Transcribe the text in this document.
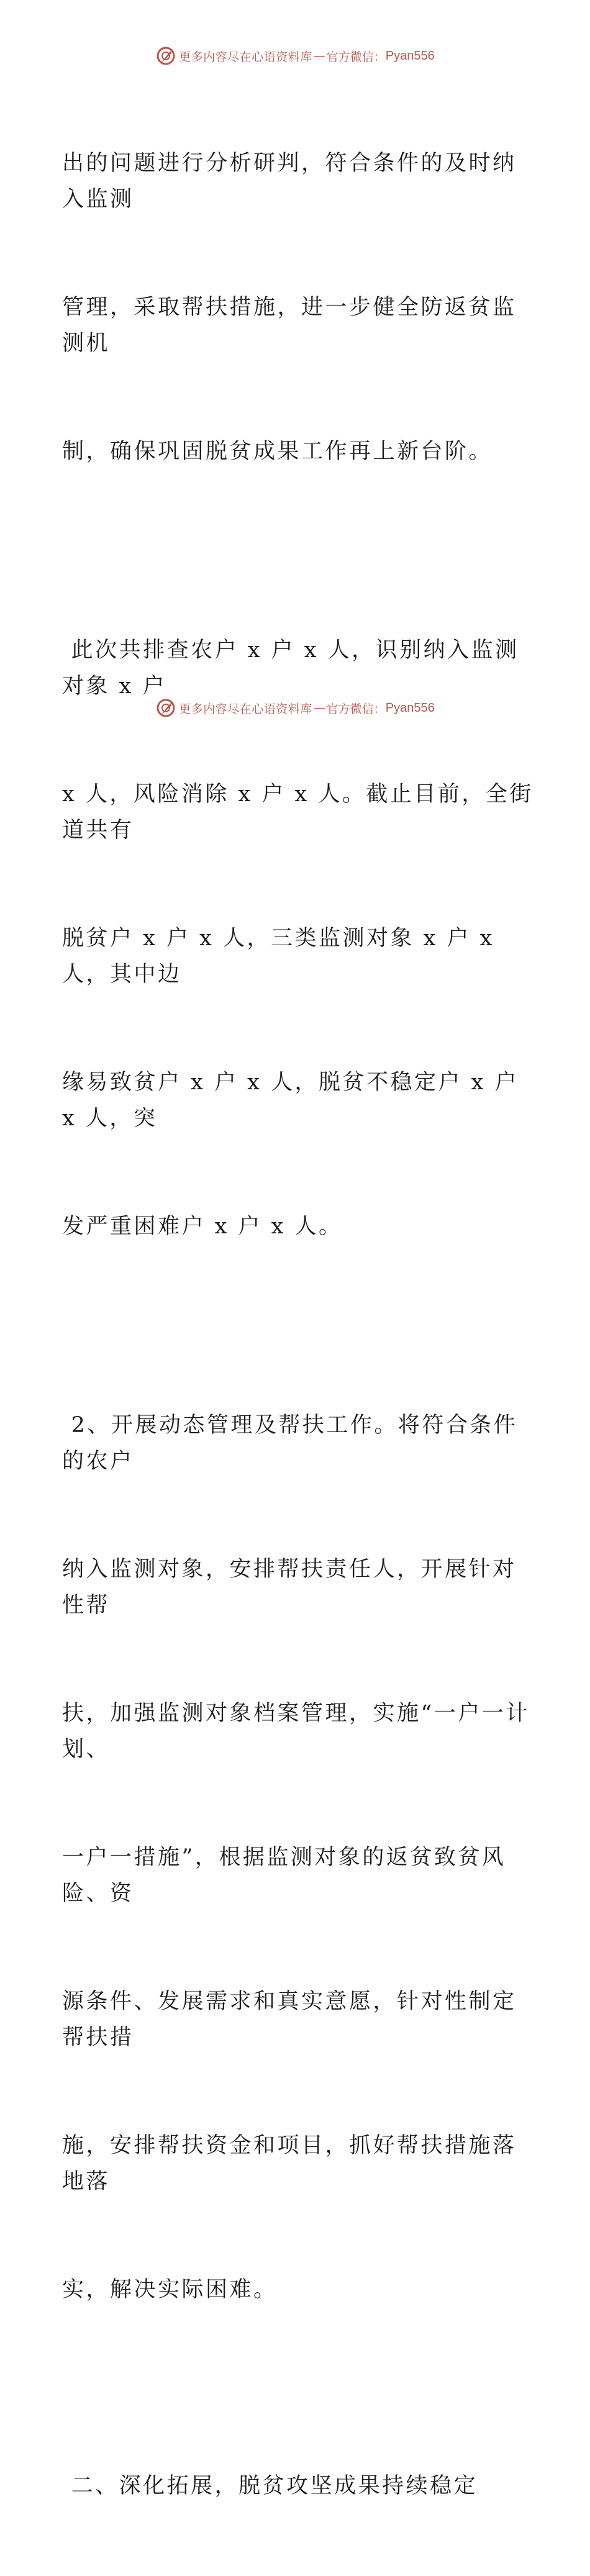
更多内容尽在心语资料库 — 官方微信： Pyan556

出的问题进行分析研判，符合条件的及时纳入监测

管理，采取帮扶措施，进一步健全防返贫监测机

制，确保巩固脱贫成果工作再上新台阶。

此次共排查农户 x 户 x 人，识别纳入监测对象 x 户

x 人，风险消除 x 户 x 人。截止目前，全街道共有

脱贫户 x 户 x 人，三类监测对象 x 户 x 人，其中边

缘易致贫户 x 户 x 人，脱贫不稳定户 x 户 x 人，突

发严重困难户 x 户 x 人。

2、开展动态管理及帮扶工作。将符合条件的农户

纳入监测对象，安排帮扶责任人，开展针对性帮

扶，加强监测对象档案管理，实施“一户一计划、

一户一措施”，根据监测对象的返贫致贫风险、资

源条件、发展需求和真实意愿，针对性制定帮扶措

施，安排帮扶资金和项目，抓好帮扶措施落地落

实，解决实际困难。

二、深化拓展，脱贫攻坚成果持续稳定

更多内容尽在心语资料库 — 官方微信： Pyan556
